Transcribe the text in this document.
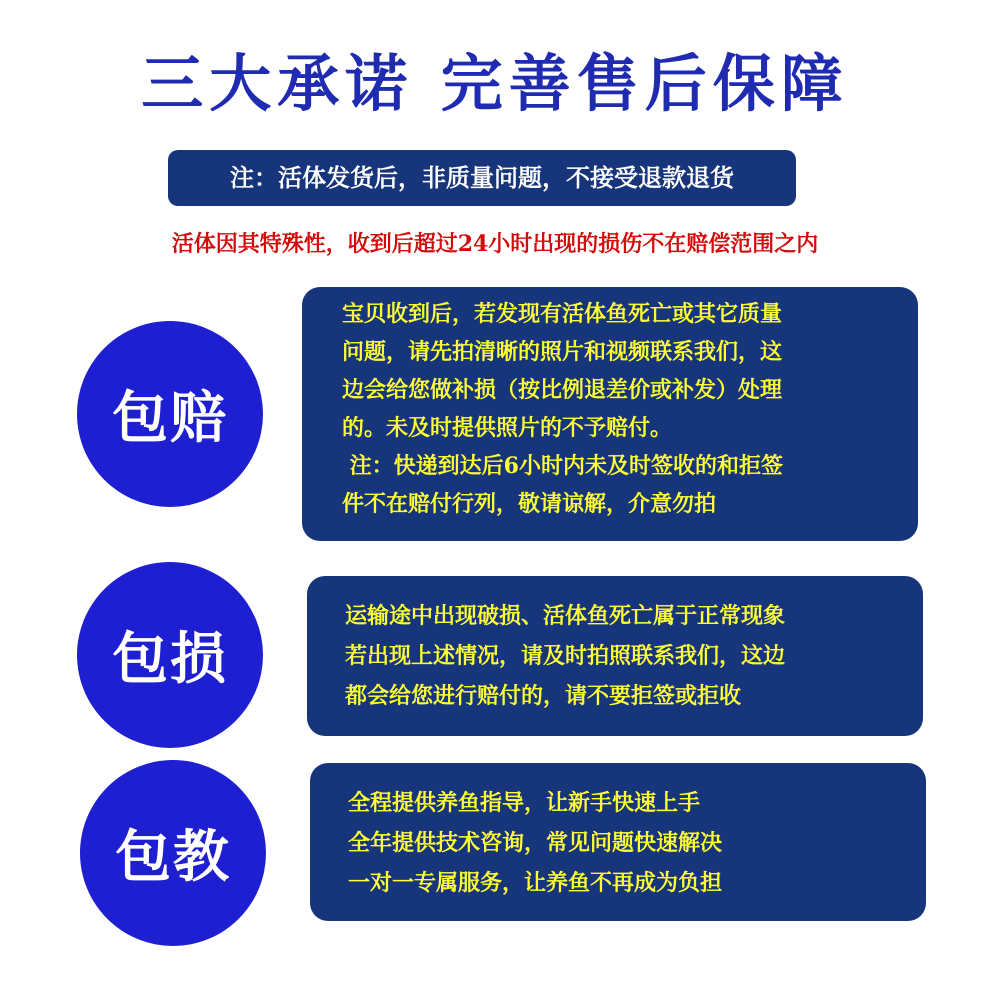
三大承诺 完善售后保障
注：活体发货后，非质量问题，不接受退款退货
活体因其特殊性，收到后超过24小时出现的损伤不在赔偿范围之内
包赔
宝贝收到后，若发现有活体鱼死亡或其它质量
问题，请先拍清晰的照片和视频联系我们，这
边会给您做补损（按比例退差价或补发）处理
的。未及时提供照片的不予赔付。
注：快递到达后6小时内未及时签收的和拒签
件不在赔付行列，敬请谅解，介意勿拍
包损
运输途中出现破损、活体鱼死亡属于正常现象
若出现上述情况，请及时拍照联系我们，这边
都会给您进行赔付的，请不要拒签或拒收
包教
全程提供养鱼指导，让新手快速上手
全年提供技术咨询，常见问题快速解决
一对一专属服务，让养鱼不再成为负担
